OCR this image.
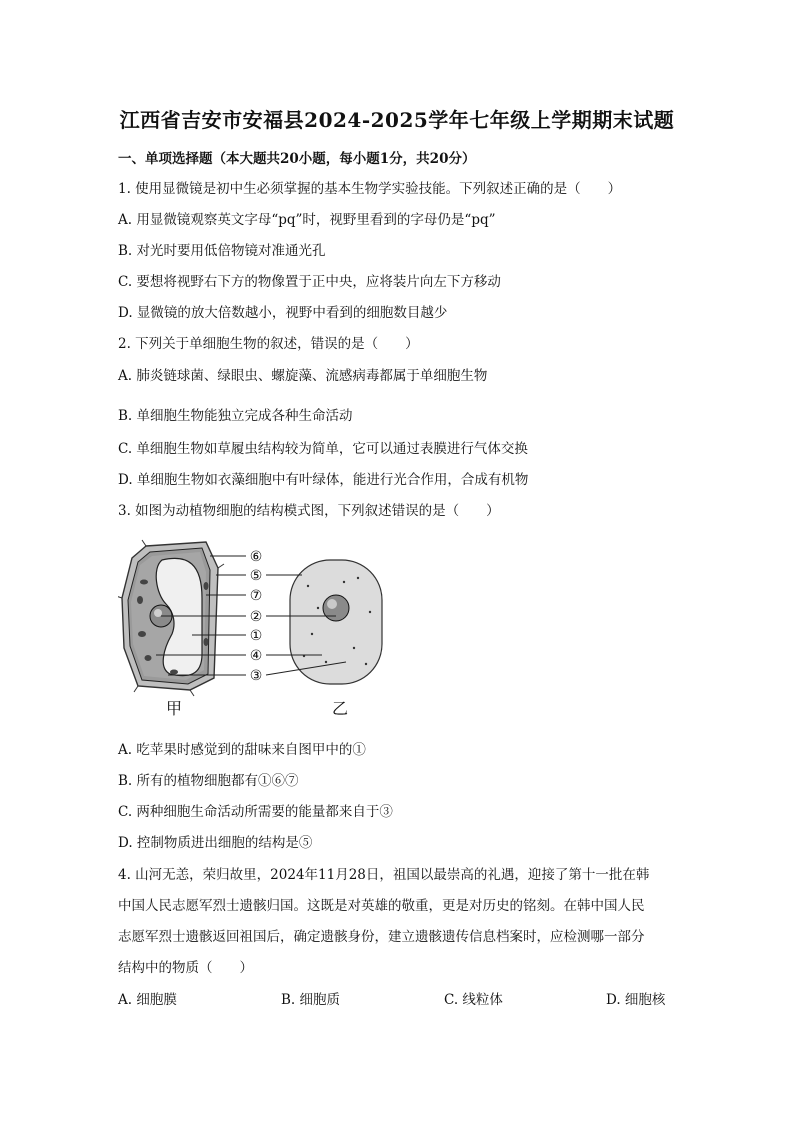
江西省吉安市安福县2024-2025学年七年级上学期期末试题
一、单项选择题（本大题共20小题，每小题1分，共20分）
1. 使用显微镜是初中生必须掌握的基本生物学实验技能。下列叙述正确的是（　　）
A. 用显微镜观察英文字母“pq”时，视野里看到的字母仍是“pq”
B. 对光时要用低倍物镜对准通光孔
C. 要想将视野右下方的物像置于正中央，应将装片向左下方移动
D. 显微镜的放大倍数越小，视野中看到的细胞数目越少
2. 下列关于单细胞生物的叙述，错误的是（　　）
A. 肺炎链球菌、绿眼虫、螺旋藻、流感病毒都属于单细胞生物
B. 单细胞生物能独立完成各种生命活动
C. 单细胞生物如草履虫结构较为简单，它可以通过表膜进行气体交换
D. 单细胞生物如衣藻细胞中有叶绿体，能进行光合作用，合成有机物
3. 如图为动植物细胞的结构模式图，下列叙述错误的是（　　）
⑥
⑤
⑦
②
①
④
③
甲	乙
A. 吃苹果时感觉到的甜味来自图甲中的①
B. 所有的植物细胞都有①⑥⑦
C. 两种细胞生命活动所需要的能量都来自于③
D. 控制物质进出细胞的结构是⑤
4. 山河无恙，荣归故里，2024年11月28日，祖国以最崇高的礼遇，迎接了第十一批在韩
中国人民志愿军烈士遗骸归国。这既是对英雄的敬重，更是对历史的铭刻。在韩中国人民
志愿军烈士遗骸返回祖国后，确定遗骸身份，建立遗骸遗传信息档案时，应检测哪一部分
结构中的物质（　　）
A. 细胞膜	B. 细胞质	C. 线粒体	D. 细胞核
